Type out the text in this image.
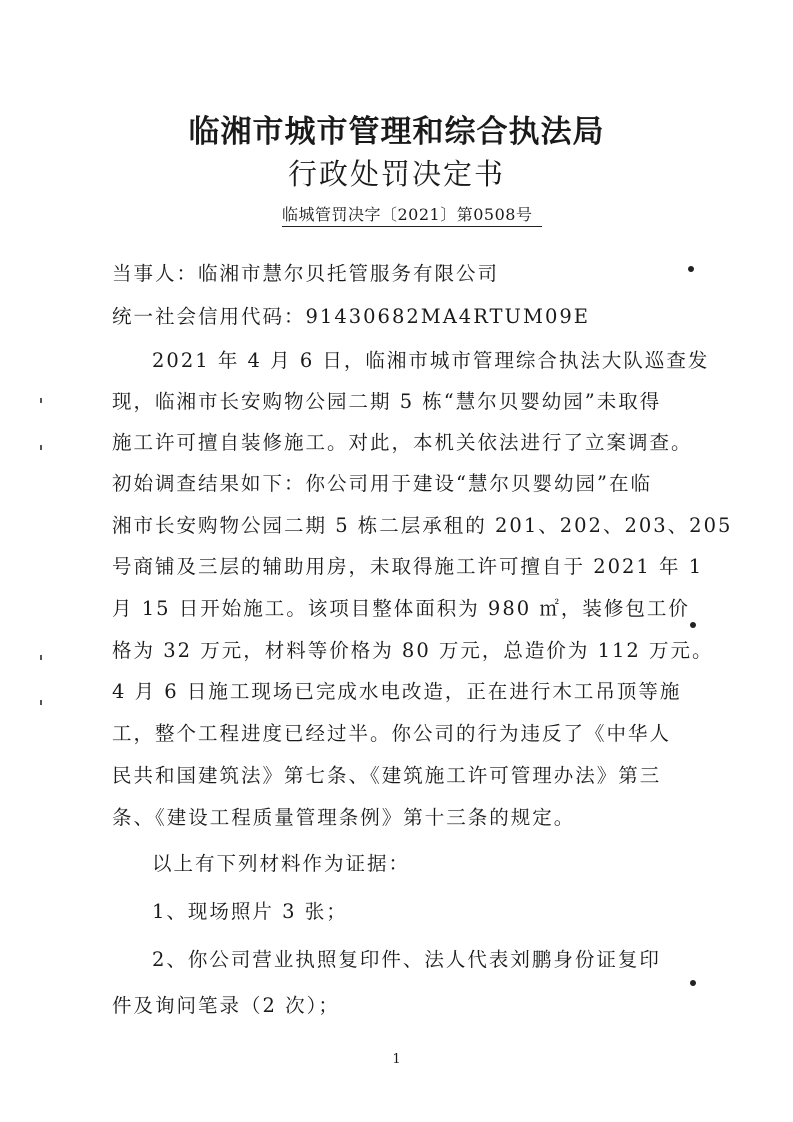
临湘市城市管理和综合执法局
行政处罚决定书
临城管罚决字〔2021〕第0508号
当事人：临湘市慧尔贝托管服务有限公司
统一社会信用代码：91430682MA4RTUM09E
2021 年 4 月 6 日，临湘市城市管理综合执法大队巡查发
现，临湘市长安购物公园二期 5 栋“慧尔贝婴幼园”未取得
施工许可擅自装修施工。对此，本机关依法进行了立案调查。
初始调查结果如下：你公司用于建设“慧尔贝婴幼园”在临
湘市长安购物公园二期 5 栋二层承租的 201、202、203、205
号商铺及三层的辅助用房，未取得施工许可擅自于 2021 年 1
月 15 日开始施工。该项目整体面积为 980 ㎡，装修包工价
格为 32 万元，材料等价格为 80 万元，总造价为 112 万元。
4 月 6 日施工现场已完成水电改造，正在进行木工吊顶等施
工，整个工程进度已经过半。你公司的行为违反了《中华人
民共和国建筑法》第七条、《建筑施工许可管理办法》第三
条、《建设工程质量管理条例》第十三条的规定。
以上有下列材料作为证据：
1、现场照片 3 张；
2、你公司营业执照复印件、法人代表刘鹏身份证复印
件及询问笔录（2 次）；
1
